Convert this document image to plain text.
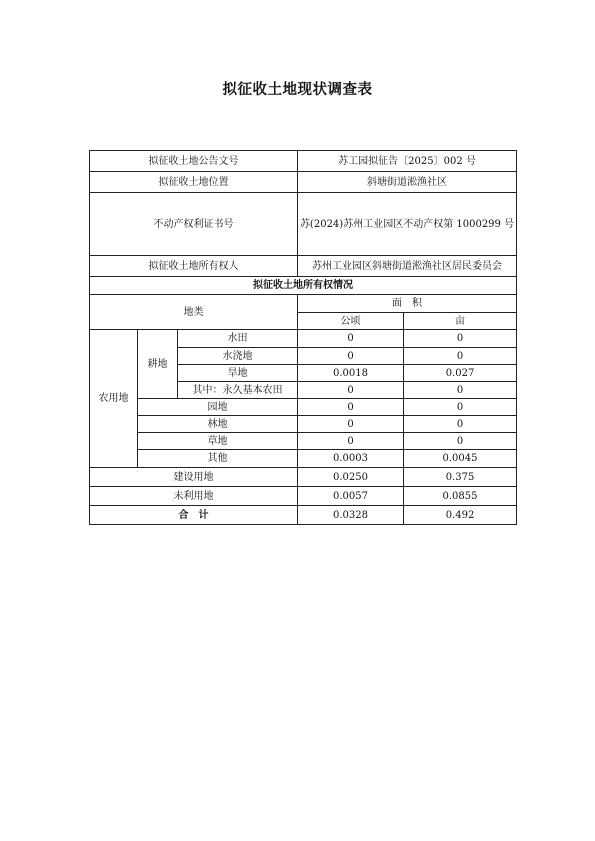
拟征收土地现状调查表
拟征收土地公告文号			苏工园拟征告〔2025〕002 号	
拟征收土地位置			斜塘街道淞渔社区	
不动产权利证书号			苏(2024)苏州工业园区不动产权第 1000299 号	
拟征收土地所有权人			苏州工业园区斜塘街道淞渔社区居民委员会	
拟征收土地所有权情况				
地类			面　积	
			公顷	亩
农用地	耕地	水田	0	0
		水浇地	0	0
		旱地	0.0018	0.027
		其中：永久基本农田	0	0
	园地		0	0
	林地		0	0
	草地		0	0
	其他		0.0003	0.0045
建设用地			0.0250	0.375
未利用地			0.0057	0.0855
合　计			0.0328	0.492
